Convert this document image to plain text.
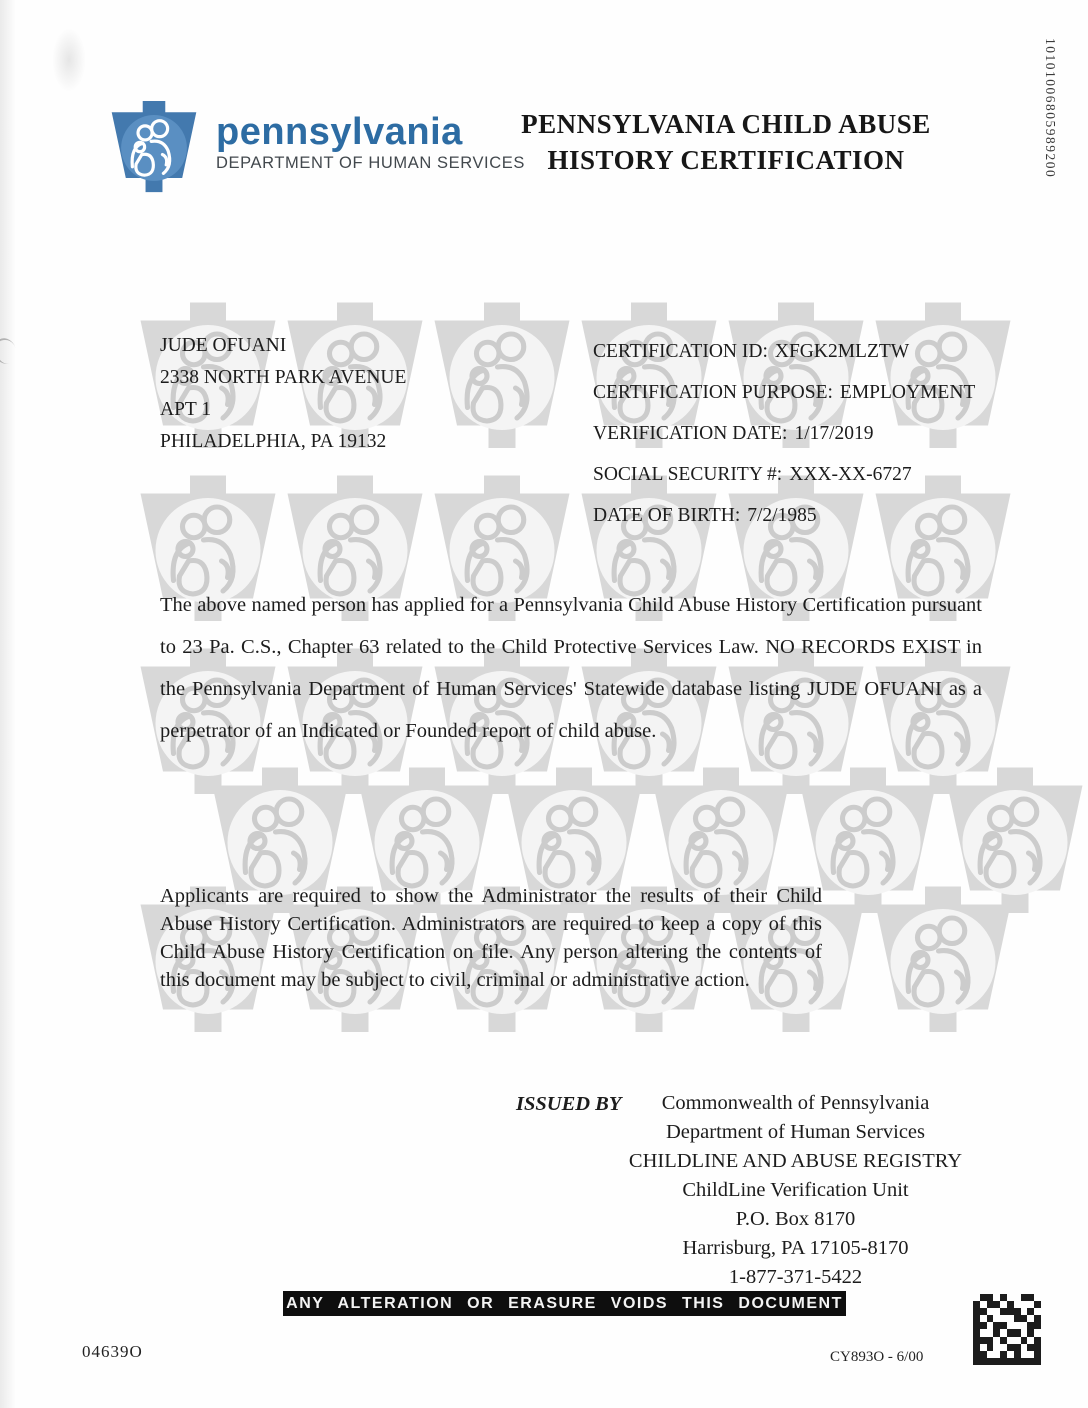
pennsylvania
DEPARTMENT OF HUMAN SERVICES
PENNSYLVANIA CHILD ABUSE
HISTORY CERTIFICATION	10101006805989200
JUDE OFUANI
2338 NORTH PARK AVENUE
APT 1
PHILADELPHIA, PA 19132
CERTIFICATION ID: XFGK2MLZTW
CERTIFICATION PURPOSE: EMPLOYMENT
VERIFICATION DATE: 1/17/2019
SOCIAL SECURITY #: XXX-XX-6727
DATE OF BIRTH: 7/2/1985

The above named person has applied for a Pennsylvania Child Abuse History Certification pursuant to 23 Pa. C.S., Chapter 63 related to the Child Protective Services Law. NO RECORDS EXIST in the Pennsylvania Department of Human Services' Statewide database listing JUDE OFUANI as a perpetrator of an Indicated or Founded report of child abuse.

Applicants are required to show the Administrator the results of their Child Abuse History Certification. Administrators are required to keep a copy of this Child Abuse History Certification on file. Any person altering the contents of this document may be subject to civil, criminal or administrative action.

ISSUED BY	Commonwealth of Pennsylvania
Department of Human Services
CHILDLINE AND ABUSE REGISTRY
ChildLine Verification Unit
P.O. Box 8170
Harrisburg, PA 17105-8170
1-877-371-5422
ANY ALTERATION OR ERASURE VOIDS THIS DOCUMENT
04639O	CY893O - 6/00
